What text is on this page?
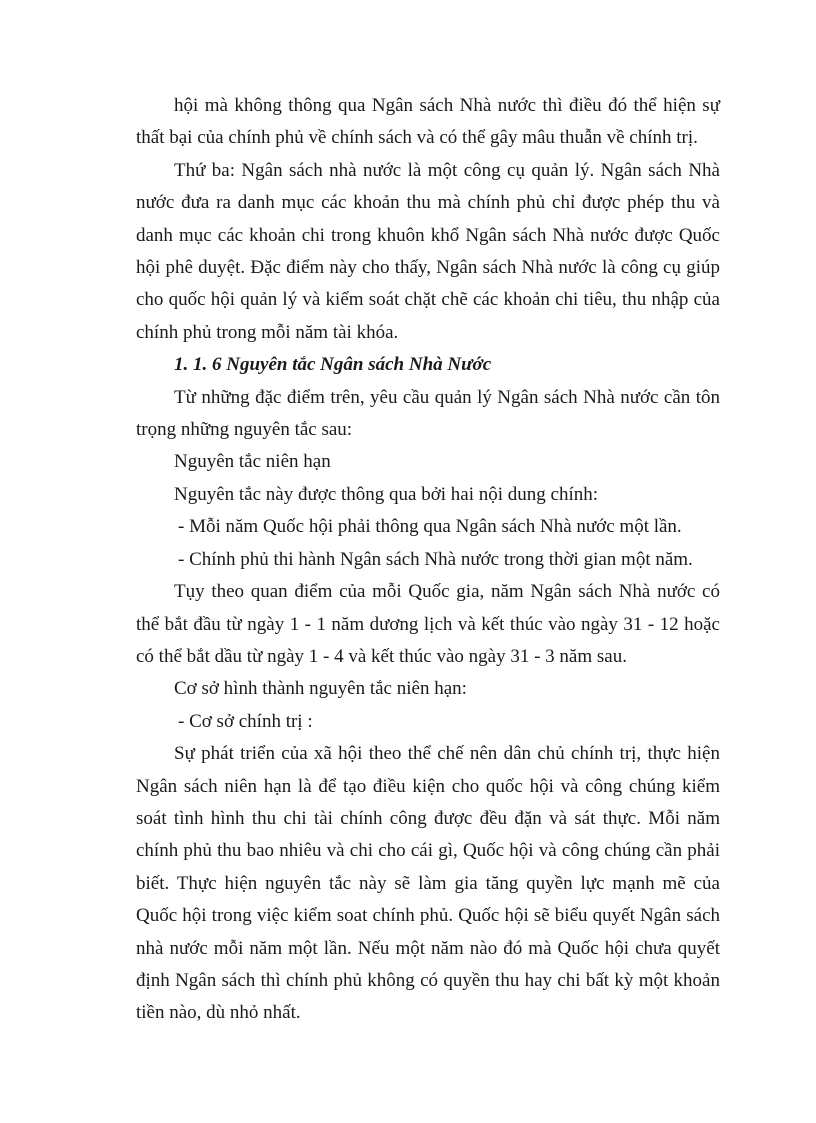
hội mà không thông qua Ngân sách Nhà nước thì điều đó thể hiện sự thất bại của chính phủ về chính sách và có thể gây mâu thuẫn về chính trị.

Thứ ba: Ngân sách nhà nước là một công cụ quản lý. Ngân sách Nhà nước đưa ra danh mục các khoản thu mà chính phủ chỉ được phép thu và danh mục các khoản chi trong khuôn khổ Ngân sách Nhà nước được Quốc hội phê duyệt. Đặc điểm này cho thấy, Ngân sách Nhà nước là công cụ giúp cho quốc hội quản lý và kiểm soát chặt chẽ các khoản chi tiêu, thu nhập của chính phủ trong mỗi năm tài khóa.

1. 1. 6 Nguyên tắc Ngân sách Nhà Nước

Từ những đặc điểm trên, yêu cầu quản lý Ngân sách Nhà nước cần tôn trọng những nguyên tắc sau:

Nguyên tắc niên hạn

Nguyên tắc này được thông qua bởi hai nội dung chính:

- Mỗi năm Quốc hội phải thông qua Ngân sách Nhà nước một lần.

- Chính phủ thi hành Ngân sách Nhà nước trong thời gian một năm.

Tụy theo quan điểm của mỗi Quốc gia, năm Ngân sách Nhà nước có thể bắt đầu từ ngày 1 - 1 năm dương lịch và kết thúc vào ngày 31 - 12 hoặc có thể bắt dầu từ ngày 1 - 4 và kết thúc vào ngày 31 - 3 năm sau.

Cơ sở hình thành nguyên tắc niên hạn:

- Cơ sở chính trị :

Sự phát triển của xã hội theo thể chế nên dân chủ chính trị, thực hiện Ngân sách niên hạn là để tạo điều kiện cho quốc hội và công chúng kiểm soát tình hình thu chi tài chính công được đều đặn và sát thực. Mỗi năm chính phủ thu bao nhiêu và chi cho cái gì, Quốc hội và công chúng cần phải biết. Thực hiện nguyên tắc này sẽ làm gia tăng quyền lực mạnh mẽ của Quốc hội trong việc kiểm soat chính phủ. Quốc hội sẽ biểu quyết Ngân sách nhà nước mỗi năm một lần. Nếu một năm nào đó mà Quốc hội chưa quyết định Ngân sách thì chính phủ không có quyền thu hay chi bất kỳ một khoản tiền nào, dù nhỏ nhất.
